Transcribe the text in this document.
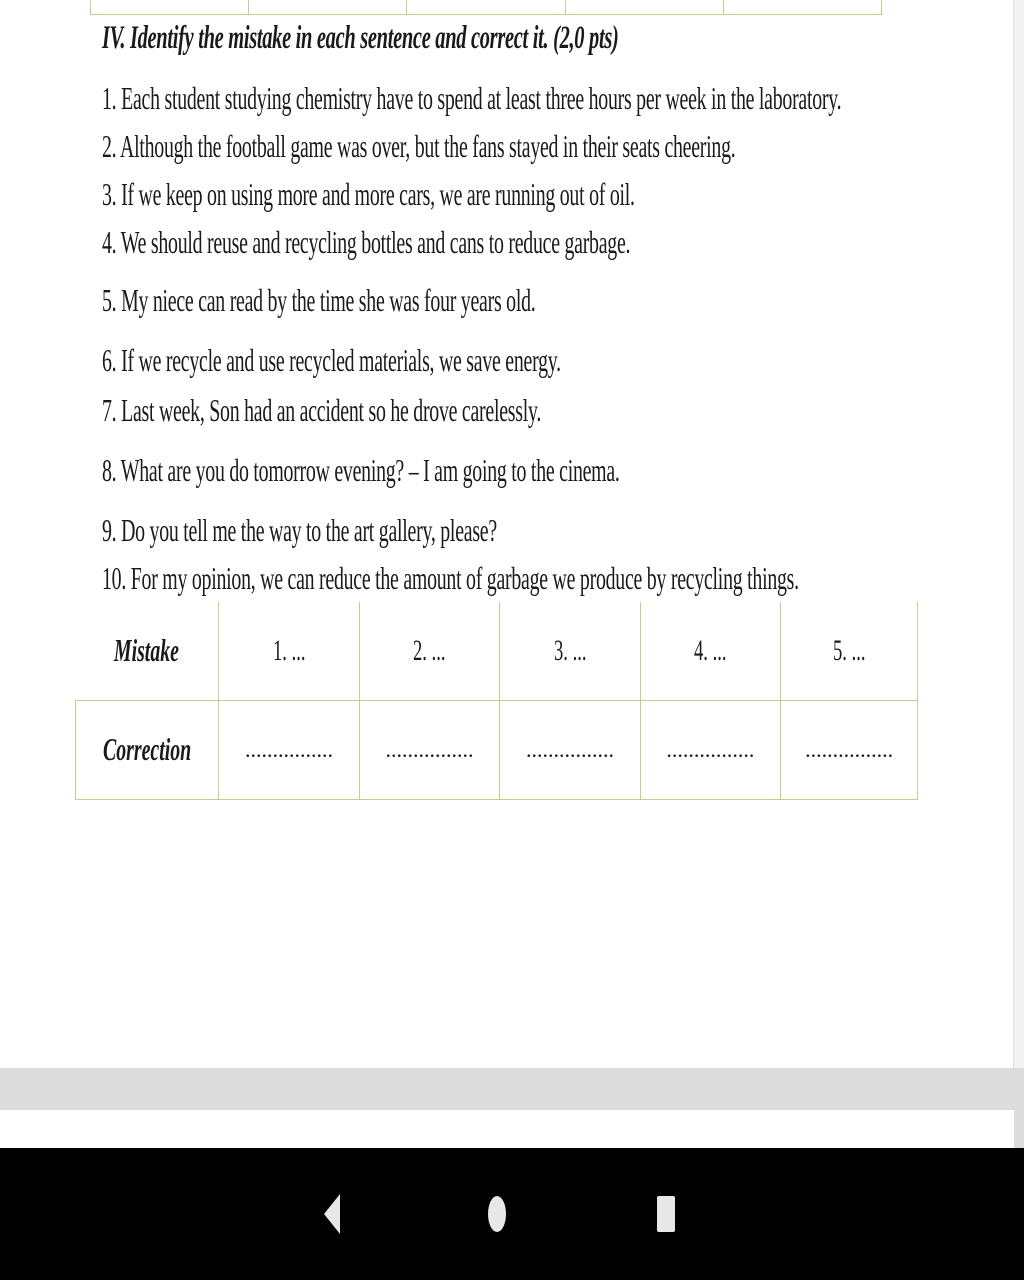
IV. Identify the mistake in each sentence and correct it. (2,0 pts)
1. Each student studying chemistry have to spend at least three hours per week in the laboratory.
2. Although the football game was over, but the fans stayed in their seats cheering.
3. If we keep on using more and more cars, we are running out of oil.
4. We should reuse and recycling bottles and cans to reduce garbage.
5. My niece can read by the time she was four years old.
6. If we recycle and use recycled materials, we save energy.
7. Last week, Son had an accident so he drove carelessly.
8. What are you do tomorrow evening? – I am going to the cinema.
9. Do you tell me the way to the art gallery, please?
10. For my opinion, we can reduce the amount of garbage we produce by recycling things.
Mistake	1. ...	2. ...	3. ...	4. ...	5. ...
Correction	................	................	................	................	................
